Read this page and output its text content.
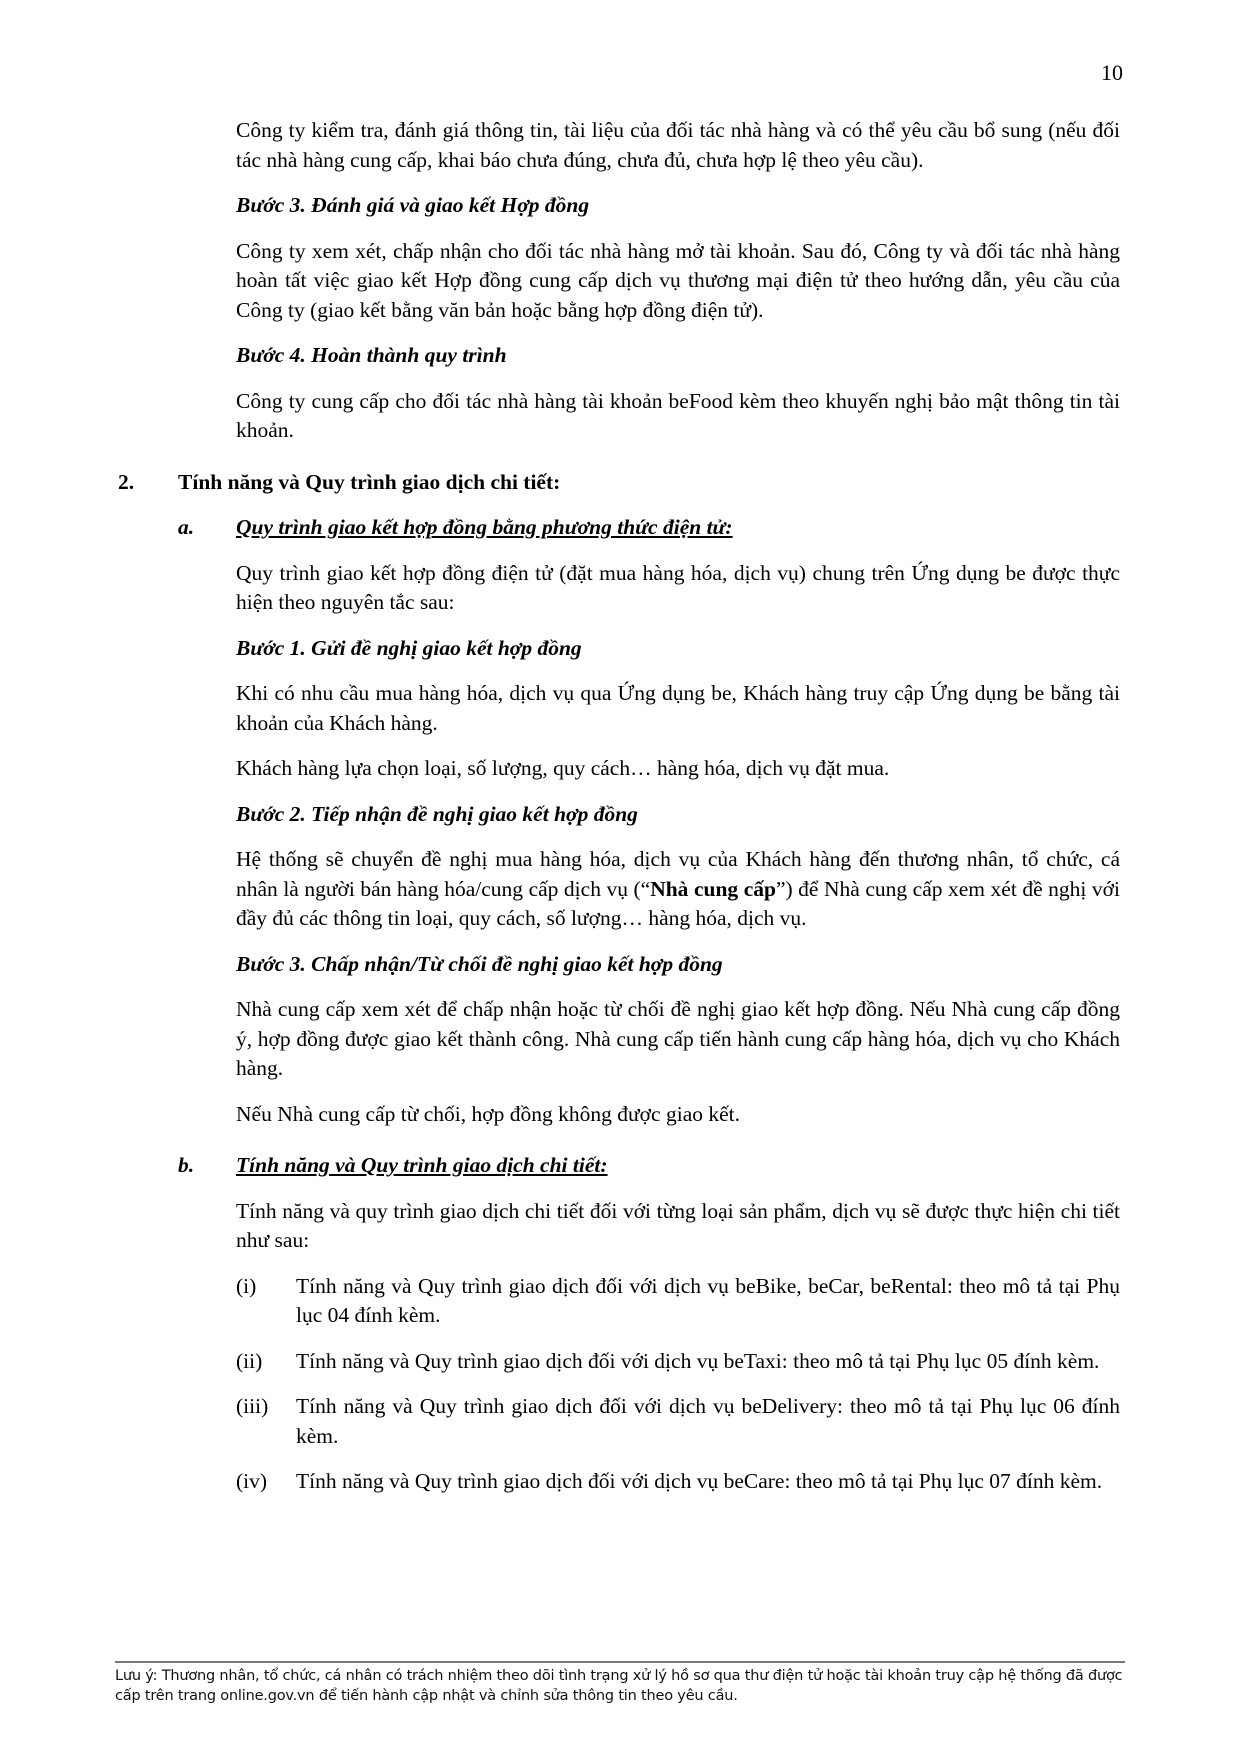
10
Công ty kiểm tra, đánh giá thông tin, tài liệu của đối tác nhà hàng và có thể yêu cầu bổ sung (nếu đối tác nhà hàng cung cấp, khai báo chưa đúng, chưa đủ, chưa hợp lệ theo yêu cầu).
Bước 3. Đánh giá và giao kết Hợp đồng
Công ty xem xét, chấp nhận cho đối tác nhà hàng mở tài khoản. Sau đó, Công ty và đối tác nhà hàng hoàn tất việc giao kết Hợp đồng cung cấp dịch vụ thương mại điện tử theo hướng dẫn, yêu cầu của Công ty (giao kết bằng văn bản hoặc bằng hợp đồng điện tử).
Bước 4. Hoàn thành quy trình
Công ty cung cấp cho đối tác nhà hàng tài khoản beFood kèm theo khuyến nghị bảo mật thông tin tài khoản.
2.	Tính năng và Quy trình giao dịch chi tiết:
a.	Quy trình giao kết hợp đồng bằng phương thức điện tử:
Quy trình giao kết hợp đồng điện tử (đặt mua hàng hóa, dịch vụ) chung trên Ứng dụng be được thực hiện theo nguyên tắc sau:
Bước 1. Gửi đề nghị giao kết hợp đồng
Khi có nhu cầu mua hàng hóa, dịch vụ qua Ứng dụng be, Khách hàng truy cập Ứng dụng be bằng tài khoản của Khách hàng.
Khách hàng lựa chọn loại, số lượng, quy cách… hàng hóa, dịch vụ đặt mua.
Bước 2. Tiếp nhận đề nghị giao kết hợp đồng
Hệ thống sẽ chuyển đề nghị mua hàng hóa, dịch vụ của Khách hàng đến thương nhân, tổ chức, cá nhân là người bán hàng hóa/cung cấp dịch vụ (“Nhà cung cấp”) để Nhà cung cấp xem xét đề nghị với đầy đủ các thông tin loại, quy cách, số lượng… hàng hóa, dịch vụ.
Bước 3. Chấp nhận/Từ chối đề nghị giao kết hợp đồng
Nhà cung cấp xem xét để chấp nhận hoặc từ chối đề nghị giao kết hợp đồng. Nếu Nhà cung cấp đồng ý, hợp đồng được giao kết thành công. Nhà cung cấp tiến hành cung cấp hàng hóa, dịch vụ cho Khách hàng.
Nếu Nhà cung cấp từ chối, hợp đồng không được giao kết.
b.	Tính năng và Quy trình giao dịch chi tiết:
Tính năng và quy trình giao dịch chi tiết đối với từng loại sản phẩm, dịch vụ sẽ được thực hiện chi tiết như sau:
(i)	Tính năng và Quy trình giao dịch đối với dịch vụ beBike, beCar, beRental: theo mô tả tại Phụ lục 04 đính kèm.
(ii)	Tính năng và Quy trình giao dịch đối với dịch vụ beTaxi: theo mô tả tại Phụ lục 05 đính kèm.
(iii)	Tính năng và Quy trình giao dịch đối với dịch vụ beDelivery: theo mô tả tại Phụ lục 06 đính kèm.
(iv)	Tính năng và Quy trình giao dịch đối với dịch vụ beCare: theo mô tả tại Phụ lục 07 đính kèm.
Lưu ý: Thương nhân, tổ chức, cá nhân có trách nhiệm theo dõi tình trạng xử lý hồ sơ qua thư điện tử hoặc tài khoản truy cập hệ thống đã được cấp trên trang online.gov.vn để tiến hành cập nhật và chỉnh sửa thông tin theo yêu cầu.
